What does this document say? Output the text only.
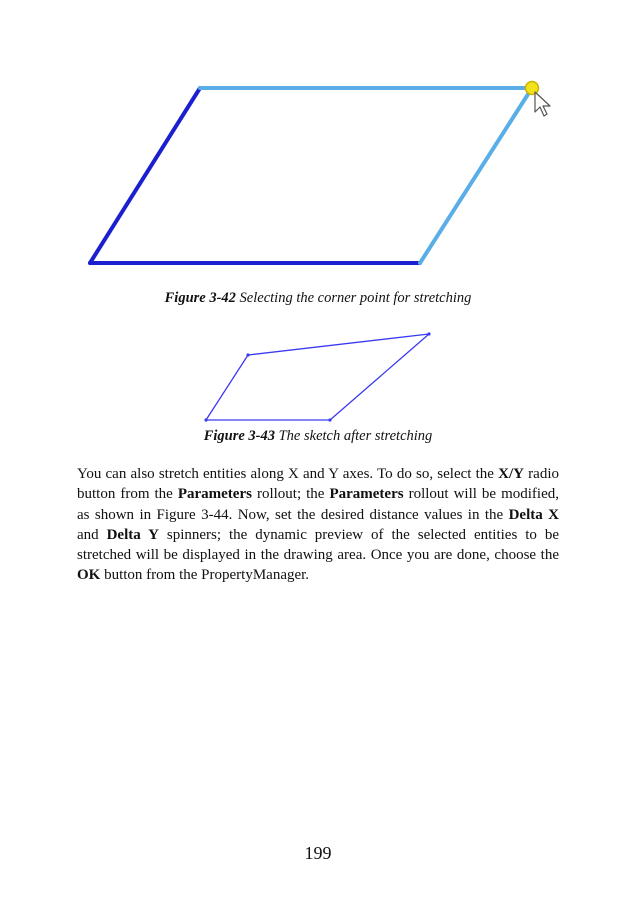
Figure 3-42 Selecting the corner point for stretching
Figure 3-43 The sketch after stretching

You can also stretch entities along X and Y axes. To do so, select the X/Y radio button from the Parameters rollout; the Parameters rollout will be modified, as shown in Figure 3-44. Now, set the desired distance values in the Delta X and Delta Y spinners; the dynamic preview of the selected entities to be stretched will be displayed in the drawing area. Once you are done, choose the OK button from the PropertyManager.

199
